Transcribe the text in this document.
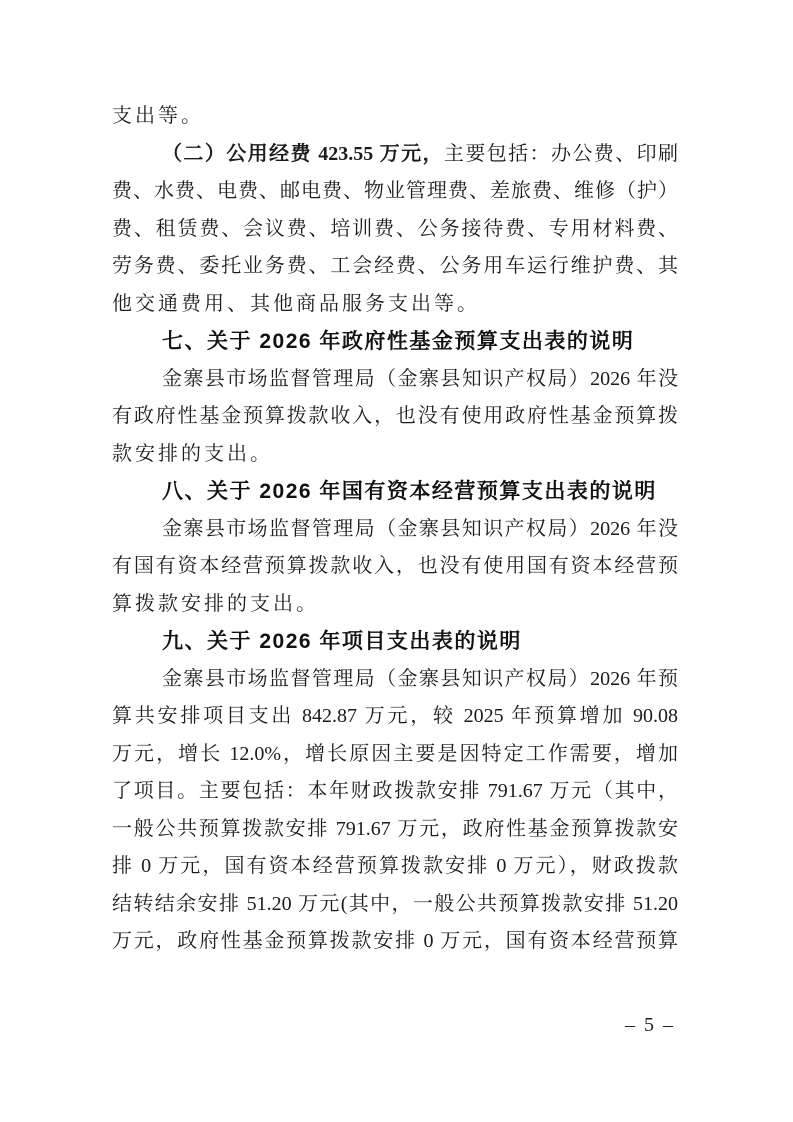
支出等。
（二）公用经费 423.55 万元，主要包括：办公费、印刷
费、水费、电费、邮电费、物业管理费、差旅费、维修（护）
费、租赁费、会议费、培训费、公务接待费、专用材料费、
劳务费、委托业务费、工会经费、公务用车运行维护费、其
他交通费用、其他商品服务支出等。
七、关于 2026 年政府性基金预算支出表的说明
金寨县市场监督管理局（金寨县知识产权局）2026 年没
有政府性基金预算拨款收入，也没有使用政府性基金预算拨
款安排的支出。
八、关于 2026 年国有资本经营预算支出表的说明
金寨县市场监督管理局（金寨县知识产权局）2026 年没
有国有资本经营预算拨款收入，也没有使用国有资本经营预
算拨款安排的支出。
九、关于 2026 年项目支出表的说明
金寨县市场监督管理局（金寨县知识产权局）2026 年预
算共安排项目支出 842.87 万元，较 2025 年预算增加 90.08
万元，增长 12.0%，增长原因主要是因特定工作需要，增加
了项目。主要包括：本年财政拨款安排 791.67 万元（其中，
一般公共预算拨款安排 791.67 万元，政府性基金预算拨款安
排 0 万元，国有资本经营预算拨款安排 0 万元），财政拨款
结转结余安排 51.20 万元(其中，一般公共预算拨款安排 51.20
万元，政府性基金预算拨款安排 0 万元，国有资本经营预算
– 5 –
